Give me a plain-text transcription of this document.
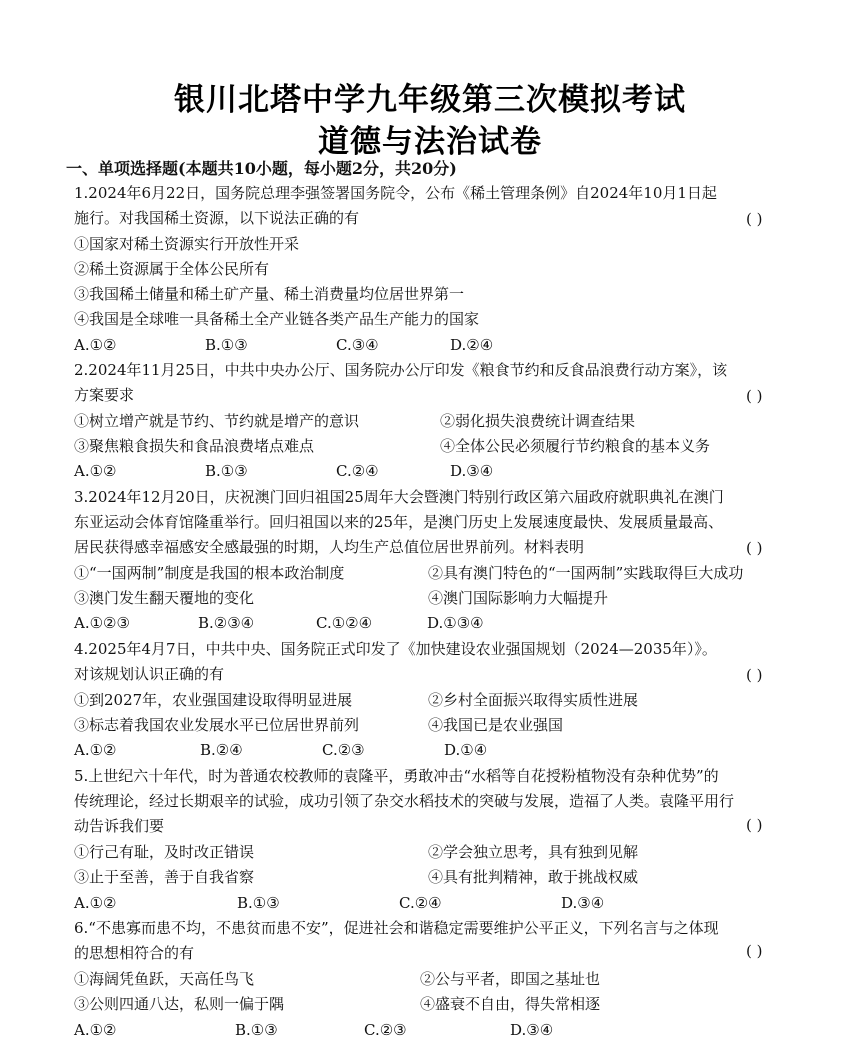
银川北塔中学九年级第三次模拟考试
道德与法治试卷
一、单项选择题(本题共10小题，每小题2分，共20分)
1.2024年6月22日，国务院总理李强签署国务院令，公布《稀土管理条例》自2024年10月1日起
施行。对我国稀土资源，以下说法正确的有	( )
①国家对稀土资源实行开放性开采
②稀土资源属于全体公民所有
③我国稀土储量和稀土矿产量、稀土消费量均位居世界第一
④我国是全球唯一具备稀土全产业链各类产品生产能力的国家
A.①②	B.①③	C.③④	D.②④
2.2024年11月25日，中共中央办公厅、国务院办公厅印发《粮食节约和反食品浪费行动方案》，该
方案要求	( )
①树立增产就是节约、节约就是增产的意识	②弱化损失浪费统计调查结果
③聚焦粮食损失和食品浪费堵点难点	④全体公民必须履行节约粮食的基本义务
A.①②	B.①③	C.②④	D.③④
3.2024年12月20日，庆祝澳门回归祖国25周年大会暨澳门特别行政区第六届政府就职典礼在澳门
东亚运动会体育馆隆重举行。回归祖国以来的25年，是澳门历史上发展速度最快、发展质量最高、
居民获得感幸福感安全感最强的时期，人均生产总值位居世界前列。材料表明	( )
①“一国两制”制度是我国的根本政治制度	②具有澳门特色的“一国两制”实践取得巨大成功
③澳门发生翻天覆地的变化	④澳门国际影响力大幅提升
A.①②③	B.②③④	C.①②④	D.①③④
4.2025年4月7日，中共中央、国务院正式印发了《加快建设农业强国规划（2024—2035年）》。
对该规划认识正确的有	( )
①到2027年，农业强国建设取得明显进展	②乡村全面振兴取得实质性进展
③标志着我国农业发展水平已位居世界前列	④我国已是农业强国
A.①②	B.②④	C.②③	D.①④
5.上世纪六十年代，时为普通农校教师的袁隆平，勇敢冲击“水稻等自花授粉植物没有杂种优势”的
传统理论，经过长期艰辛的试验，成功引领了杂交水稻技术的突破与发展，造福了人类。袁隆平用行
动告诉我们要	( )
①行己有耻，及时改正错误	②学会独立思考，具有独到见解
③止于至善，善于自我省察	④具有批判精神，敢于挑战权威
A.①②	B.①③	C.②④	D.③④
6.“不患寡而患不均，不患贫而患不安”，促进社会和谐稳定需要维护公平正义，下列名言与之体现
的思想相符合的有	( )
①海阔凭鱼跃，天高任鸟飞	②公与平者，即国之基址也
③公则四通八达，私则一偏于隅	④盛衰不自由，得失常相逐
A.①②	B.①③	C.②③	D.③④
